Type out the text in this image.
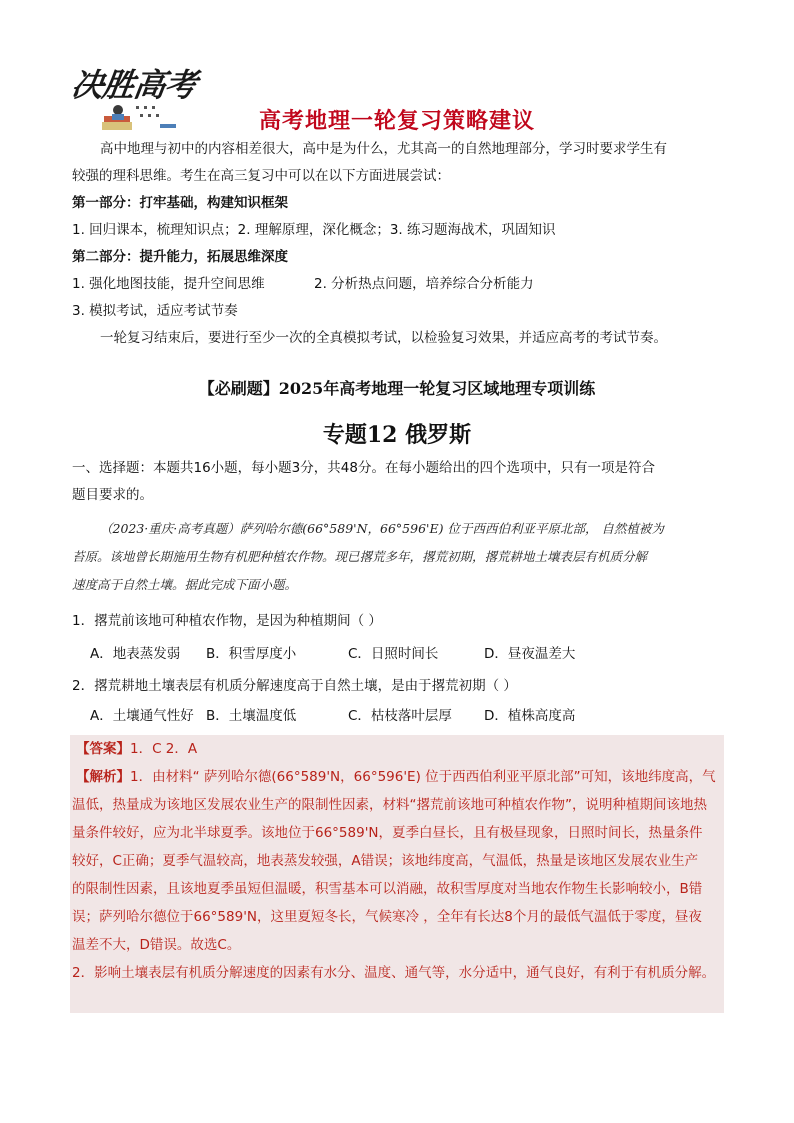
决胜高考
高考地理一轮复习策略建议
高中地理与初中的内容相差很大，高中是为什么，尤其高一的自然地理部分，学习时要求学生有
较强的理科思维。考生在高三复习中可以在以下方面进展尝试：
第一部分：打牢基础，构建知识框架
1. 回归课本，梳理知识点；2. 理解原理，深化概念；3. 练习题海战术，巩固知识
第二部分：提升能力，拓展思维深度
1. 强化地图技能，提升空间思维	2. 分析热点问题，培养综合分析能力
3. 模拟考试，适应考试节奏
一轮复习结束后，要进行至少一次的全真模拟考试，以检验复习效果，并适应高考的考试节奏。
【必刷题】2025年高考地理一轮复习区域地理专项训练
专题12 俄罗斯
一、选择题：本题共16小题，每小题3分，共48分。在每小题给出的四个选项中，只有一项是符合
题目要求的。
（2023·重庆·高考真题）萨列哈尔德(66°589'N，66°596'E) 位于西西伯利亚平原北部， 自然植被为
苔原。该地曾长期施用生物有机肥种植农作物。现已撂荒多年，撂荒初期，撂荒耕地土壤表层有机质分解
速度高于自然土壤。据此完成下面小题。
1．撂荒前该地可种植农作物，是因为种植期间（ ）
A．地表蒸发弱 B．积雪厚度小	C．日照时间长	D．昼夜温差大
2．撂荒耕地土壤表层有机质分解速度高于自然土壤，是由于撂荒初期（ ）
A．土壤通气性好 B．土壤温度低	C．枯枝落叶层厚 D．植株高度高
【答案】1．C 2．A
【解析】1．由材料“ 萨列哈尔德(66°589'N，66°596'E) 位于西西伯利亚平原北部”可知，该地纬度高，气
温低，热量成为该地区发展农业生产的限制性因素，材料“撂荒前该地可种植农作物”，说明种植期间该地热
量条件较好，应为北半球夏季。该地位于66°589'N，夏季白昼长，且有极昼现象，日照时间长，热量条件
较好，C正确；夏季气温较高，地表蒸发较强，A错误；该地纬度高，气温低，热量是该地区发展农业生产
的限制性因素，且该地夏季虽短但温暖，积雪基本可以消融，故积雪厚度对当地农作物生长影响较小，B错
误；萨列哈尔德位于66°589'N，这里夏短冬长，气候寒冷 ，全年有长达8个月的最低气温低于零度，昼夜
温差不大，D错误。故选C。
2．影响土壤表层有机质分解速度的因素有水分、温度、通气等，水分适中，通气良好，有利于有机质分解。
